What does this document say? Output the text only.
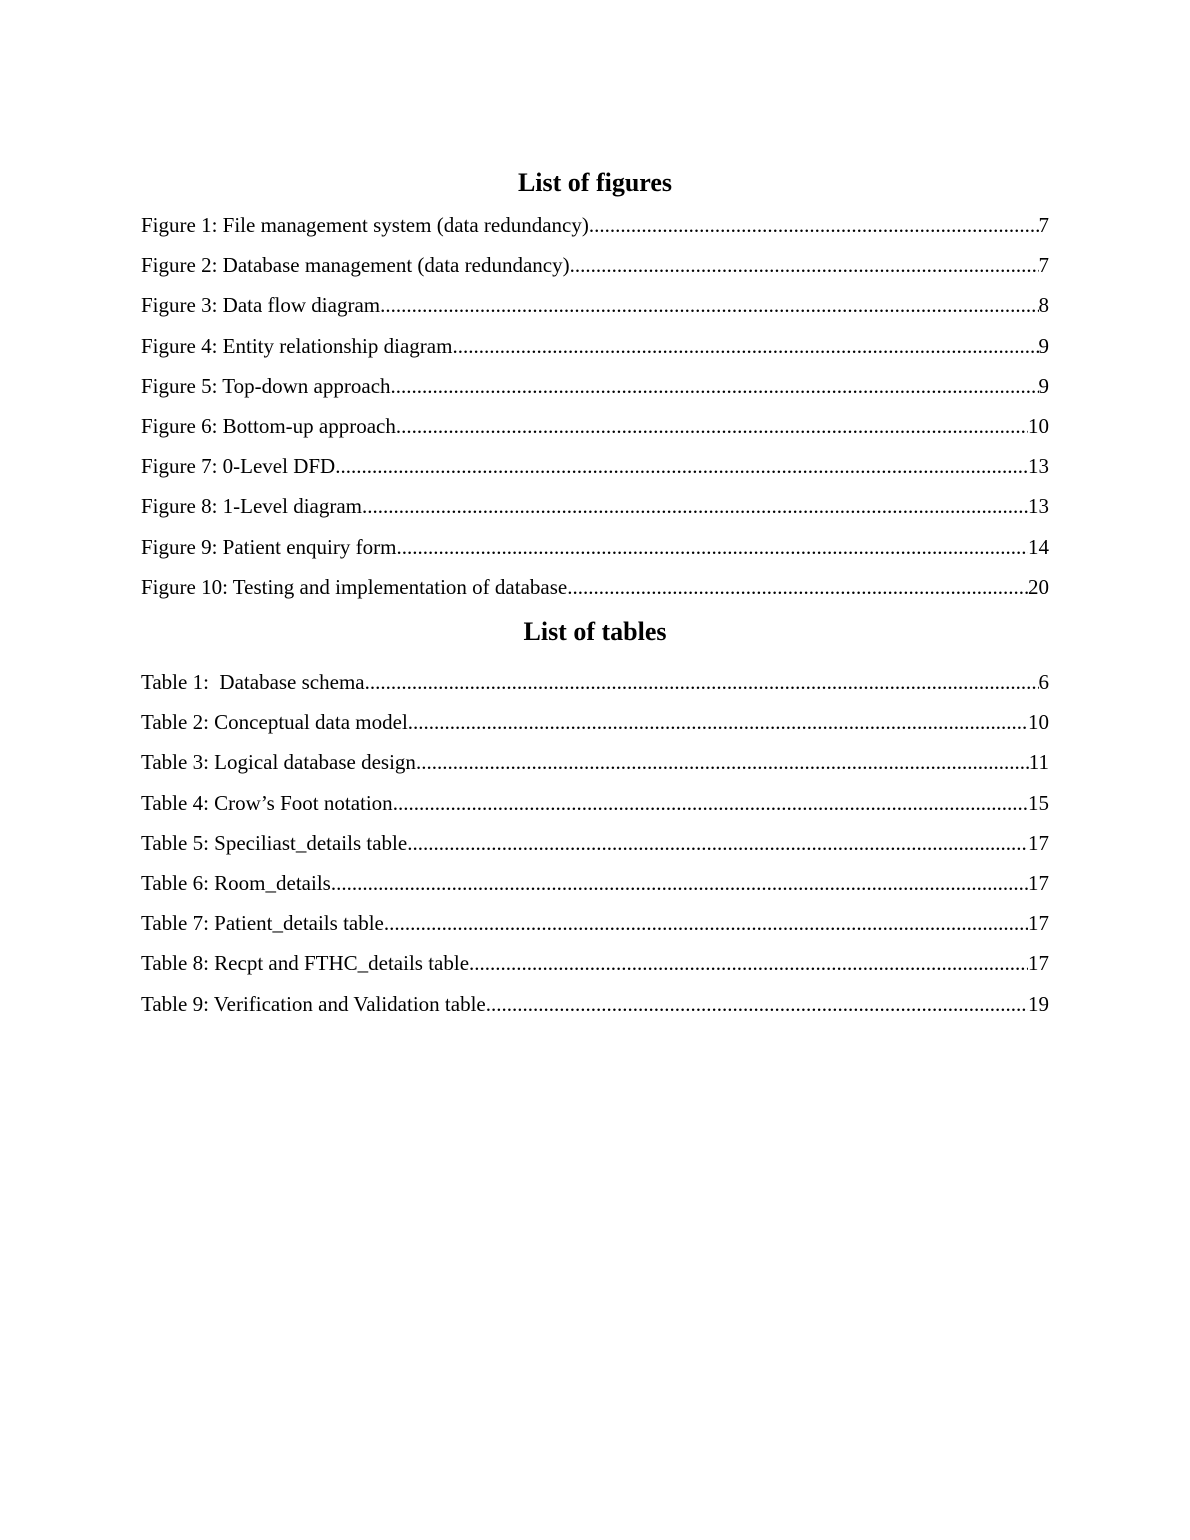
List of figures
Figure 1: File management system (data redundancy) .....	7
Figure 2: Database management (data redundancy) .....	7
Figure 3: Data flow diagram .....	8
Figure 4: Entity relationship diagram .....	9
Figure 5: Top-down approach .....	9
Figure 6: Bottom-up approach .....	10
Figure 7: 0-Level DFD .....	13
Figure 8: 1-Level diagram .....	13
Figure 9: Patient enquiry form .....	14
Figure 10: Testing and implementation of database .....	20
List of tables
Table 1:  Database schema .....	6
Table 2: Conceptual data model .....	10
Table 3: Logical database design .....	11
Table 4: Crow’s Foot notation .....	15
Table 5: Speciliast_details table .....	17
Table 6: Room_details .....	17
Table 7: Patient_details table .....	17
Table 8: Recpt and FTHC_details table .....	17
Table 9: Verification and Validation table .....	19
